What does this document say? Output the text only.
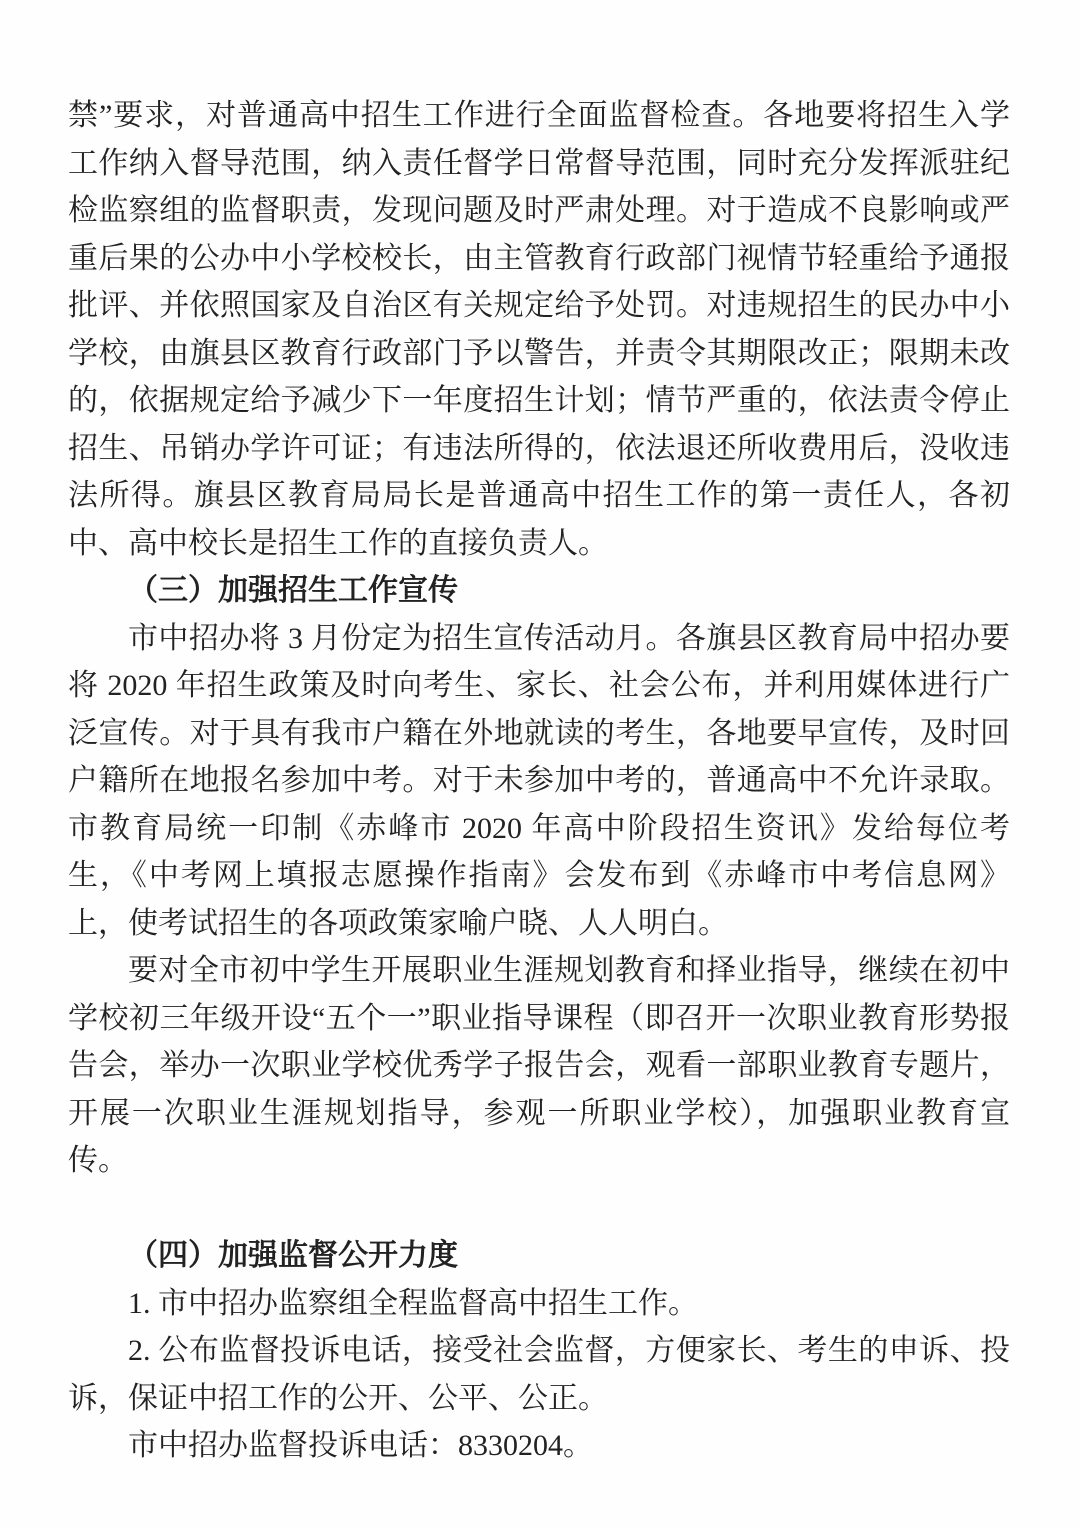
禁”要求，对普通高中招生工作进行全面监督检查。各地要将招生入学工作纳入督导范围，纳入责任督学日常督导范围，同时充分发挥派驻纪检监察组的监督职责，发现问题及时严肃处理。对于造成不良影响或严重后果的公办中小学校校长，由主管教育行政部门视情节轻重给予通报批评、并依照国家及自治区有关规定给予处罚。对违规招生的民办中小学校，由旗县区教育行政部门予以警告，并责令其期限改正；限期未改的，依据规定给予减少下一年度招生计划；情节严重的，依法责令停止招生、吊销办学许可证；有违法所得的，依法退还所收费用后，没收违法所得。旗县区教育局局长是普通高中招生工作的第一责任人，各初中、高中校长是招生工作的直接负责人。

（三）加强招生工作宣传

市中招办将 3 月份定为招生宣传活动月。各旗县区教育局中招办要将 2020 年招生政策及时向考生、家长、社会公布，并利用媒体进行广泛宣传。对于具有我市户籍在外地就读的考生，各地要早宣传，及时回户籍所在地报名参加中考。对于未参加中考的，普通高中不允许录取。市教育局统一印制《赤峰市 2020 年高中阶段招生资讯》发给每位考生，《中考网上填报志愿操作指南》会发布到《赤峰市中考信息网》上，使考试招生的各项政策家喻户晓、人人明白。

要对全市初中学生开展职业生涯规划教育和择业指导，继续在初中学校初三年级开设“五个一”职业指导课程（即召开一次职业教育形势报告会，举办一次职业学校优秀学子报告会，观看一部职业教育专题片，开展一次职业生涯规划指导，参观一所职业学校），加强职业教育宣传。

（四）加强监督公开力度

1. 市中招办监察组全程监督高中招生工作。

2. 公布监督投诉电话，接受社会监督，方便家长、考生的申诉、投诉，保证中招工作的公开、公平、公正。

市中招办监督投诉电话：8330204。
